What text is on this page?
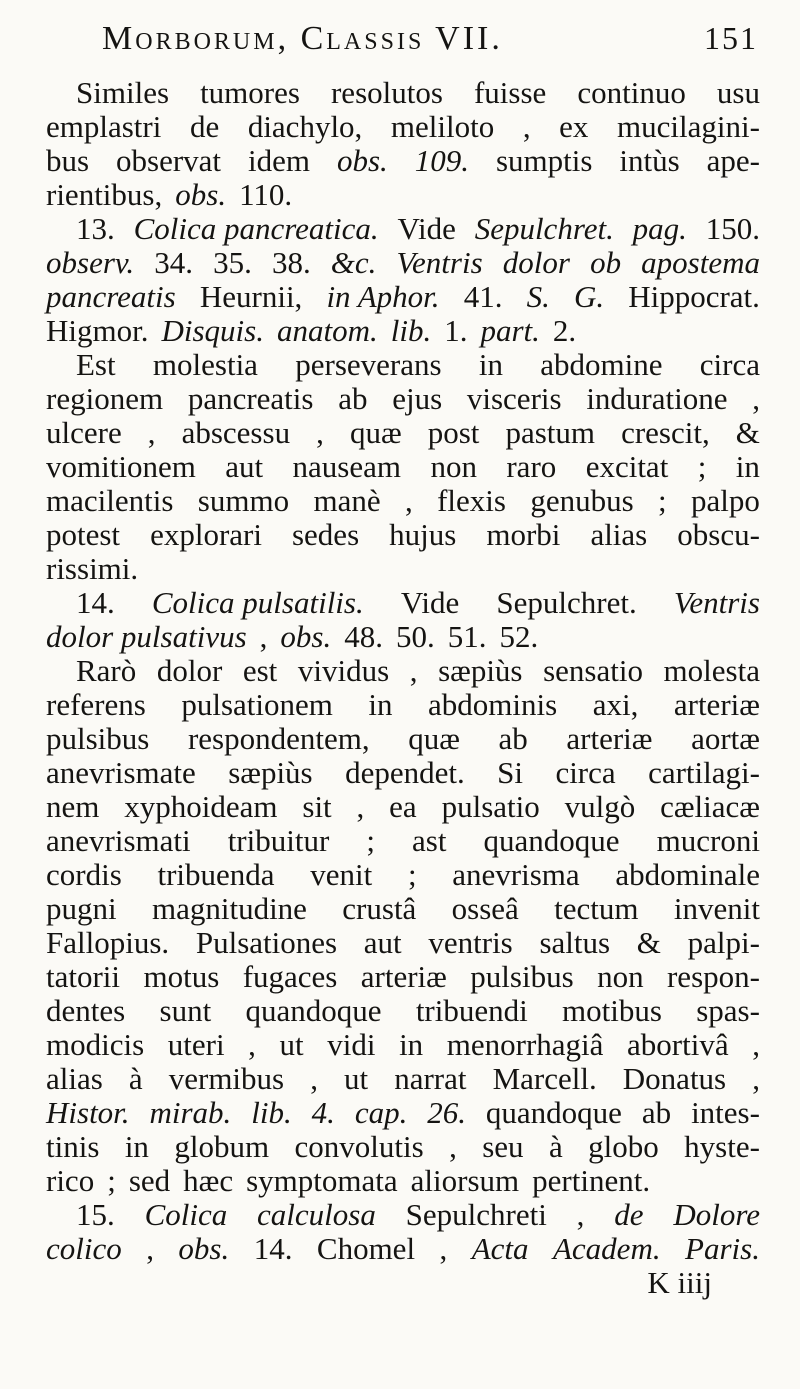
Morborum, Classis VII.	151
Similes tumores resolutos fuisse continuo usu
emplastri de diachylo, meliloto , ex mucilagini-
bus observat idem obs. 109. sumptis intùs ape-
rientibus, obs. 110.
13. Colica pancreatica. Vide Sepulchret. pag. 150.
observ. 34. 35. 38. &c. Ventris dolor ob apostema
pancreatis Heurnii, in Aphor. 41. S. G. Hippocrat.
Higmor. Disquis. anatom. lib. 1. part. 2.
Est molestia perseverans in abdomine circa
regionem pancreatis ab ejus visceris induratione ,
ulcere , abscessu , quæ post pastum crescit, &
vomitionem aut nauseam non raro excitat ; in
macilentis summo manè , flexis genubus ; palpo
potest explorari sedes hujus morbi alias obscu-
rissimi.
14. Colica pulsatilis. Vide Sepulchret. Ventris
dolor pulsativus , obs. 48. 50. 51. 52.
Rarò dolor est vividus , sæpiùs sensatio molesta
referens pulsationem in abdominis axi, arteriæ
pulsibus respondentem, quæ ab arteriæ aortæ
anevrismate sæpiùs dependet. Si circa cartilagi-
nem xyphoideam sit , ea pulsatio vulgò cæliacæ
anevrismati tribuitur ; ast quandoque mucroni
cordis tribuenda venit ; anevrisma abdominale
pugni magnitudine crustâ osseâ tectum invenit
Fallopius. Pulsationes aut ventris saltus & palpi-
tatorii motus fugaces arteriæ pulsibus non respon-
dentes sunt quandoque tribuendi motibus spas-
modicis uteri , ut vidi in menorrhagiâ abortivâ ,
alias à vermibus , ut narrat Marcell. Donatus ,
Histor. mirab. lib. 4. cap. 26. quandoque ab intes-
tinis in globum convolutis , seu à globo hyste-
rico ; sed hæc symptomata aliorsum pertinent.
15. Colica calculosa Sepulchreti , de Dolore
colico , obs. 14. Chomel , Acta Academ. Paris.
K iiij
